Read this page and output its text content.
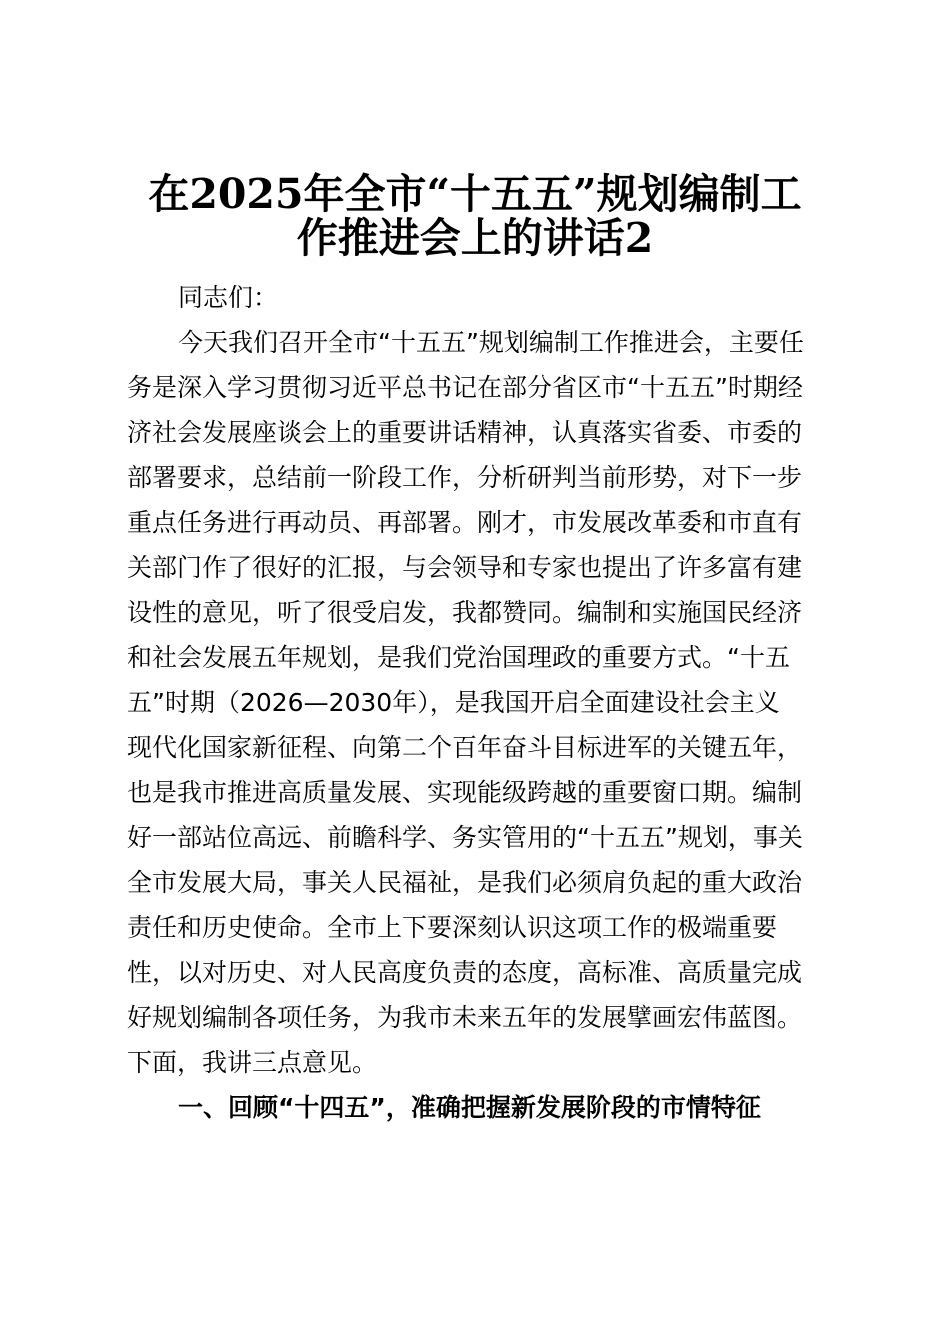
在2025年全市“十五五”规划编制工
作推进会上的讲话2

同志们：

今天我们召开全市“十五五”规划编制工作推进会，主要任

务是深入学习贯彻习近平总书记在部分省区市“十五五”时期经

济社会发展座谈会上的重要讲话精神，认真落实省委、市委的

部署要求，总结前一阶段工作，分析研判当前形势，对下一步

重点任务进行再动员、再部署。刚才，市发展改革委和市直有

关部门作了很好的汇报，与会领导和专家也提出了许多富有建

设性的意见，听了很受启发，我都赞同。编制和实施国民经济

和社会发展五年规划，是我们党治国理政的重要方式。“十五

五”时期（2026—2030年），是我国开启全面建设社会主义

现代化国家新征程、向第二个百年奋斗目标进军的关键五年，

也是我市推进高质量发展、实现能级跨越的重要窗口期。编制

好一部站位高远、前瞻科学、务实管用的“十五五”规划，事关

全市发展大局，事关人民福祉，是我们必须肩负起的重大政治

责任和历史使命。全市上下要深刻认识这项工作的极端重要

性，以对历史、对人民高度负责的态度，高标准、高质量完成

好规划编制各项任务，为我市未来五年的发展擘画宏伟蓝图。

下面，我讲三点意见。

一、回顾“十四五”，准确把握新发展阶段的市情特征
